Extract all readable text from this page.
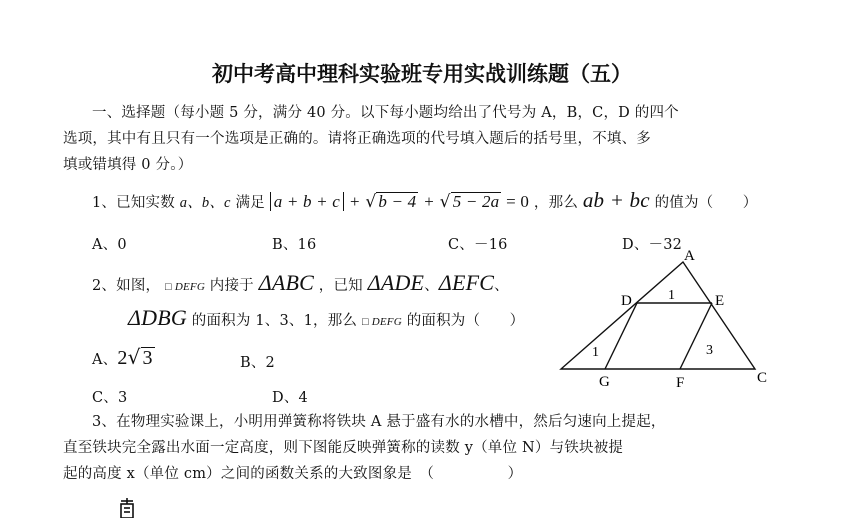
初中考高中理科实验班专用实战训练题（五）
一、选择题（每小题 5 分，满分 40 分。以下每小题均给出了代号为 A，B，C，D 的四个
选项，其中有且只有一个选项是正确的。请将正确选项的代号填入题后的括号里，不填、多
填或错填得 0 分。）
1、已知实数 a、b、c 满足 a + b + c + √ b − 4 + √ 5 − 2a = 0 ，那么 ab + bc 的值为（　　）
A、0	B、16	C、－16	D、－32
2、如图， □ DEFG 内接于 ΔABC ，已知 ΔADE、ΔEFC、
ΔDBG 的面积为 1、3、1，那么 □ DEFG 的面积为（　　）
A、2√ 3	B、2
C、3	D、4
A
D	E
G	F	C
1
1	3
3、在物理实验课上，小明用弹簧称将铁块 A 悬于盛有水的水槽中，然后匀速向上提起，
直至铁块完全露出水面一定高度，则下图能反映弹簧称的读数 y（单位 N）与铁块被提
起的高度 x（单位 cm）之间的函数关系的大致图象是　（　　　　　）
